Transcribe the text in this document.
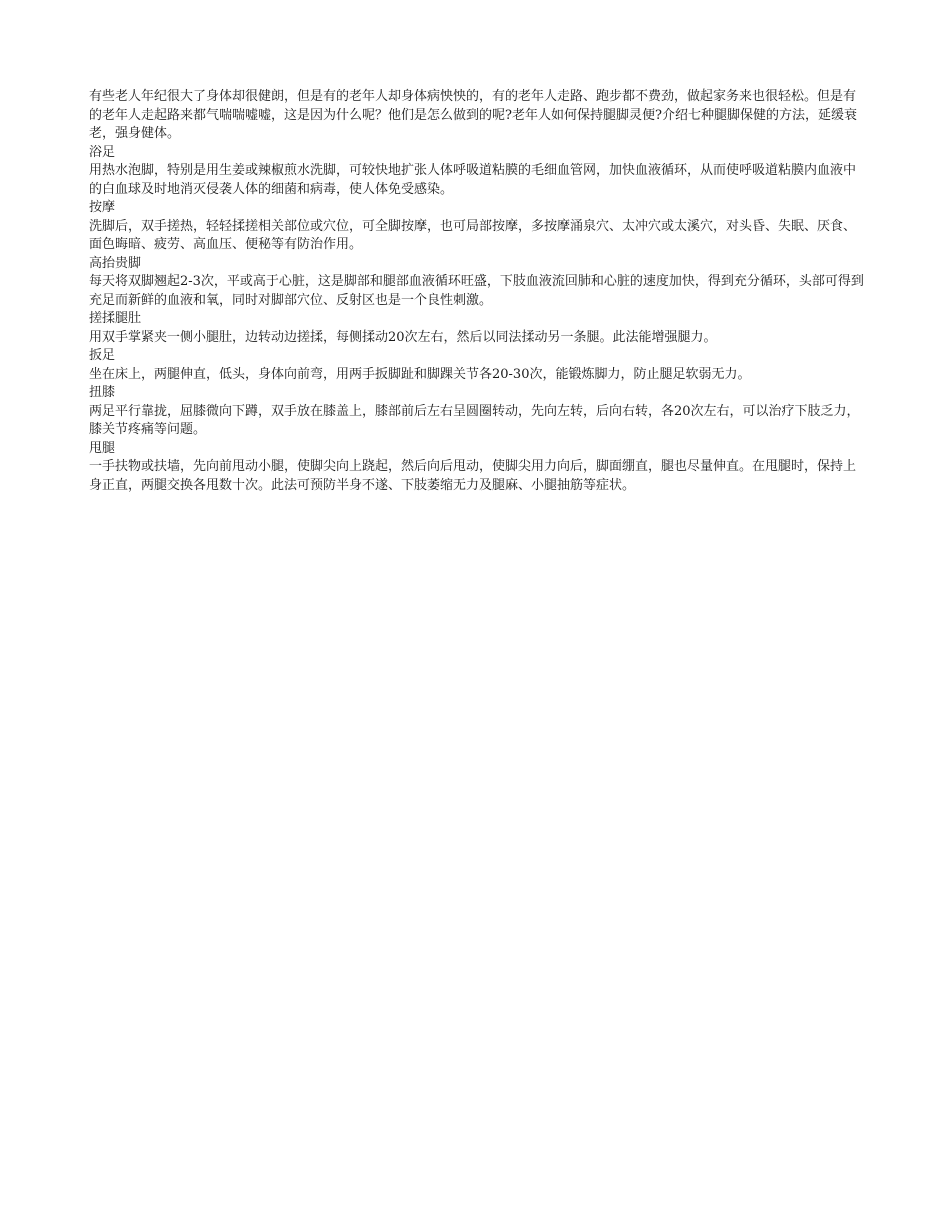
有些老人年纪很大了身体却很健朗，但是有的老年人却身体病怏怏的，有的老年人走路、跑步都不费劲，做起家务来也很轻松。但是有的老年人走起路来都气喘喘嘘嘘，这是因为什么呢？他们是怎么做到的呢?老年人如何保持腿脚灵便?介绍七种腿脚保健的方法，延缓衰老，强身健体。

浴足

用热水泡脚，特别是用生姜或辣椒煎水洗脚，可较快地扩张人体呼吸道粘膜的毛细血管网，加快血液循环，从而使呼吸道粘膜内血液中的白血球及时地消灭侵袭人体的细菌和病毒，使人体免受感染。

按摩

洗脚后，双手搓热，轻轻揉搓相关部位或穴位，可全脚按摩，也可局部按摩，多按摩涌泉穴、太冲穴或太溪穴，对头昏、失眠、厌食、面色晦暗、疲劳、高血压、便秘等有防治作用。

高抬贵脚

每天将双脚翘起2-3次，平或高于心脏，这是脚部和腿部血液循环旺盛，下肢血液流回肺和心脏的速度加快，得到充分循环，头部可得到充足而新鲜的血液和氧，同时对脚部穴位、反射区也是一个良性刺激。

搓揉腿肚

用双手掌紧夹一侧小腿肚，边转动边搓揉，每侧揉动20次左右，然后以同法揉动另一条腿。此法能增强腿力。

扳足

坐在床上，两腿伸直，低头，身体向前弯，用两手扳脚趾和脚踝关节各20-30次，能锻炼脚力，防止腿足软弱无力。

扭膝

两足平行靠拢，屈膝微向下蹲，双手放在膝盖上，膝部前后左右呈圆圈转动，先向左转，后向右转，各20次左右，可以治疗下肢乏力，膝关节疼痛等问题。

甩腿

一手扶物或扶墙，先向前甩动小腿，使脚尖向上跷起，然后向后甩动，使脚尖用力向后，脚面绷直，腿也尽量伸直。在甩腿时，保持上身正直，两腿交换各甩数十次。此法可预防半身不遂、下肢萎缩无力及腿麻、小腿抽筋等症状。
